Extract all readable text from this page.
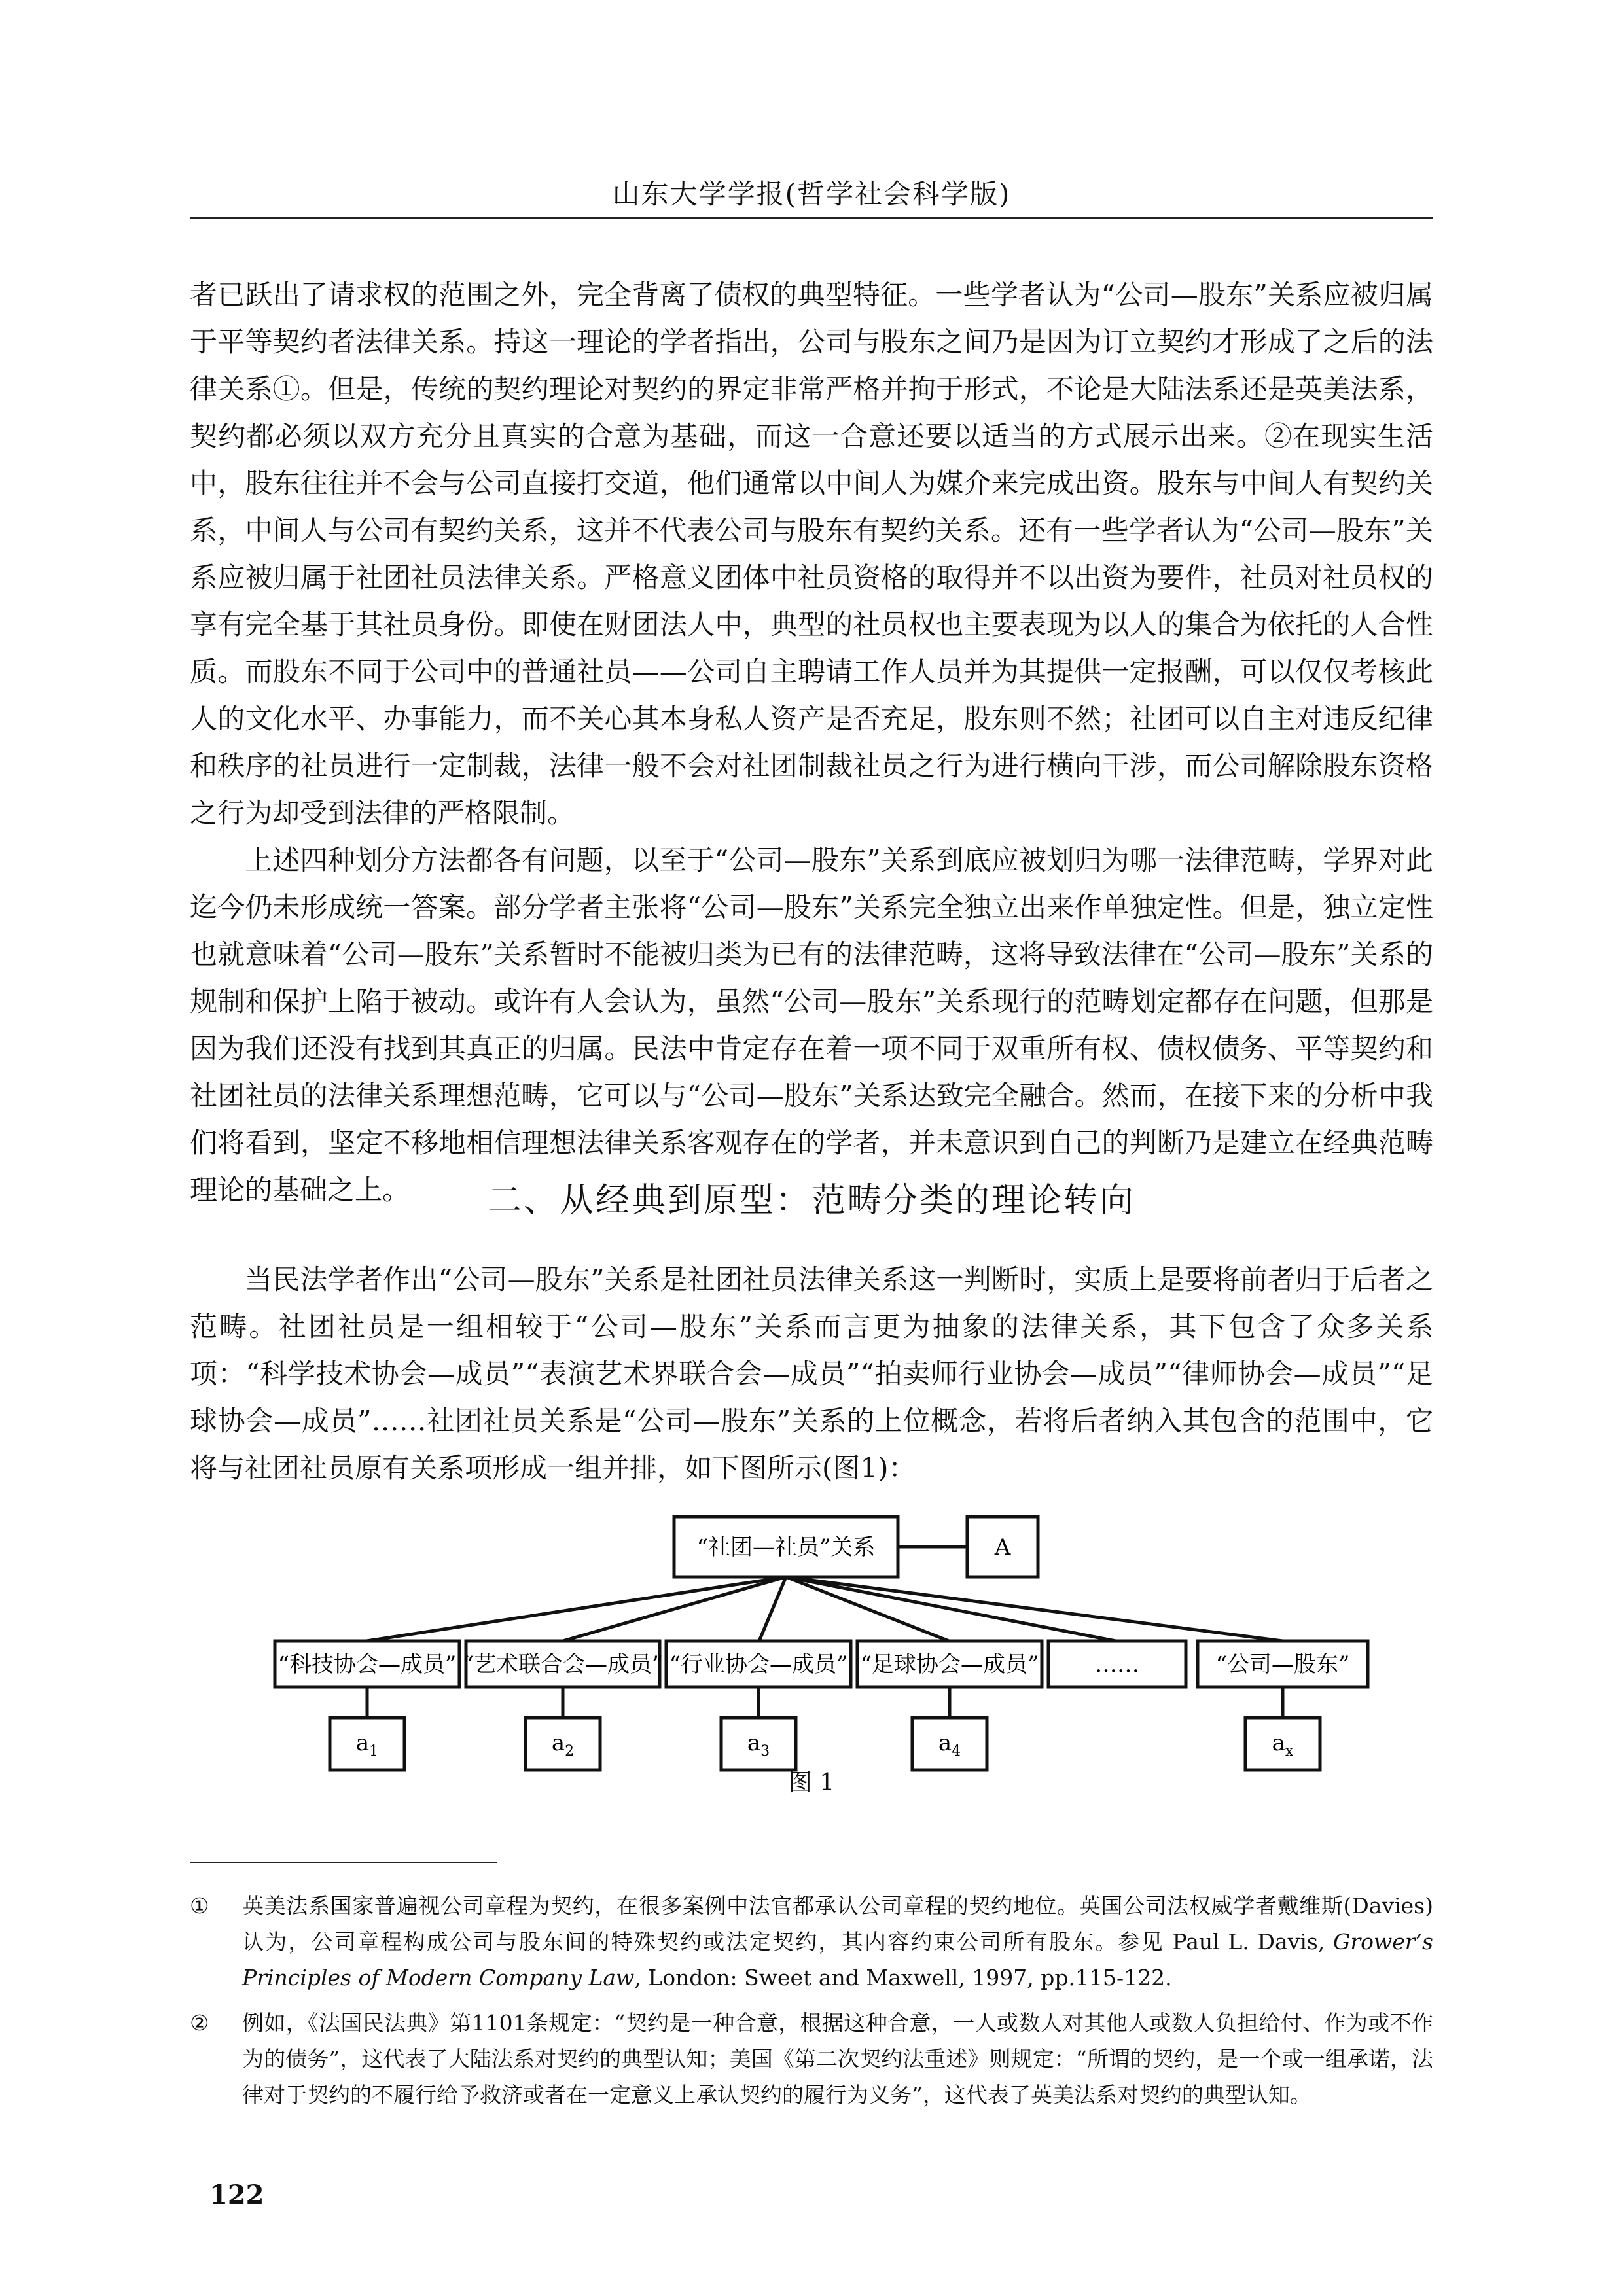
山东大学学报(哲学社会科学版)

者已跃出了请求权的范围之外，完全背离了债权的典型特征。一些学者认为“公司—股东”关系应被归属于平等契约者法律关系。持这一理论的学者指出，公司与股东之间乃是因为订立契约才形成了之后的法律关系①。但是，传统的契约理论对契约的界定非常严格并拘于形式，不论是大陆法系还是英美法系，契约都必须以双方充分且真实的合意为基础，而这一合意还要以适当的方式展示出来。②在现实生活中，股东往往并不会与公司直接打交道，他们通常以中间人为媒介来完成出资。股东与中间人有契约关系，中间人与公司有契约关系，这并不代表公司与股东有契约关系。还有一些学者认为“公司—股东”关系应被归属于社团社员法律关系。严格意义团体中社员资格的取得并不以出资为要件，社员对社员权的享有完全基于其社员身份。即使在财团法人中，典型的社员权也主要表现为以人的集合为依托的人合性质。而股东不同于公司中的普通社员——公司自主聘请工作人员并为其提供一定报酬，可以仅仅考核此人的文化水平、办事能力，而不关心其本身私人资产是否充足，股东则不然；社团可以自主对违反纪律和秩序的社员进行一定制裁，法律一般不会对社团制裁社员之行为进行横向干涉，而公司解除股东资格之行为却受到法律的严格限制。

上述四种划分方法都各有问题，以至于“公司—股东”关系到底应被划归为哪一法律范畴，学界对此迄今仍未形成统一答案。部分学者主张将“公司—股东”关系完全独立出来作单独定性。但是，独立定性也就意味着“公司—股东”关系暂时不能被归类为已有的法律范畴，这将导致法律在“公司—股东”关系的规制和保护上陷于被动。或许有人会认为，虽然“公司—股东”关系现行的范畴划定都存在问题，但那是因为我们还没有找到其真正的归属。民法中肯定存在着一项不同于双重所有权、债权债务、平等契约和社团社员的法律关系理想范畴，它可以与“公司—股东”关系达致完全融合。然而，在接下来的分析中我们将看到，坚定不移地相信理想法律关系客观存在的学者，并未意识到自己的判断乃是建立在经典范畴理论的基础之上。	二、从经典到原型：范畴分类的理论转向

当民法学者作出“公司—股东”关系是社团社员法律关系这一判断时，实质上是要将前者归于后者之范畴。社团社员是一组相较于“公司—股东”关系而言更为抽象的法律关系，其下包含了众多关系项：“科学技术协会—成员”“表演艺术界联合会—成员”“拍卖师行业协会—成员”“律师协会—成员”“足球协会—成员”……社团社员关系是“公司—股东”关系的上位概念，若将后者纳入其包含的范围中，它将与社团社员原有关系项形成一组并排，如下图所示(图1)：

“社团—社员”关系	A
“科技协会—成员”
$a_1$
“艺术联合会—成员”
$a_2$
“行业协会—成员”
$a_3$
“足球协会—成员”
$a_4$
……	“公司—股东”
$a_x$
图 1
①	英美法系国家普遍视公司章程为契约，在很多案例中法官都承认公司章程的契约地位。英国公司法权威学者戴维斯(Davies)认为，公司章程构成公司与股东间的特殊契约或法定契约，其内容约束公司所有股东。参见 Paul L. Davis, Grower’s Principles of Modern Company Law, London: Sweet and Maxwell, 1997, pp.115-122.
②	例如，《法国民法典》第1101条规定：“契约是一种合意，根据这种合意，一人或数人对其他人或数人负担给付、作为或不作为的债务”，这代表了大陆法系对契约的典型认知；美国《第二次契约法重述》则规定：“所谓的契约，是一个或一组承诺，法律对于契约的不履行给予救济或者在一定意义上承认契约的履行为义务”，这代表了英美法系对契约的典型认知。
122
